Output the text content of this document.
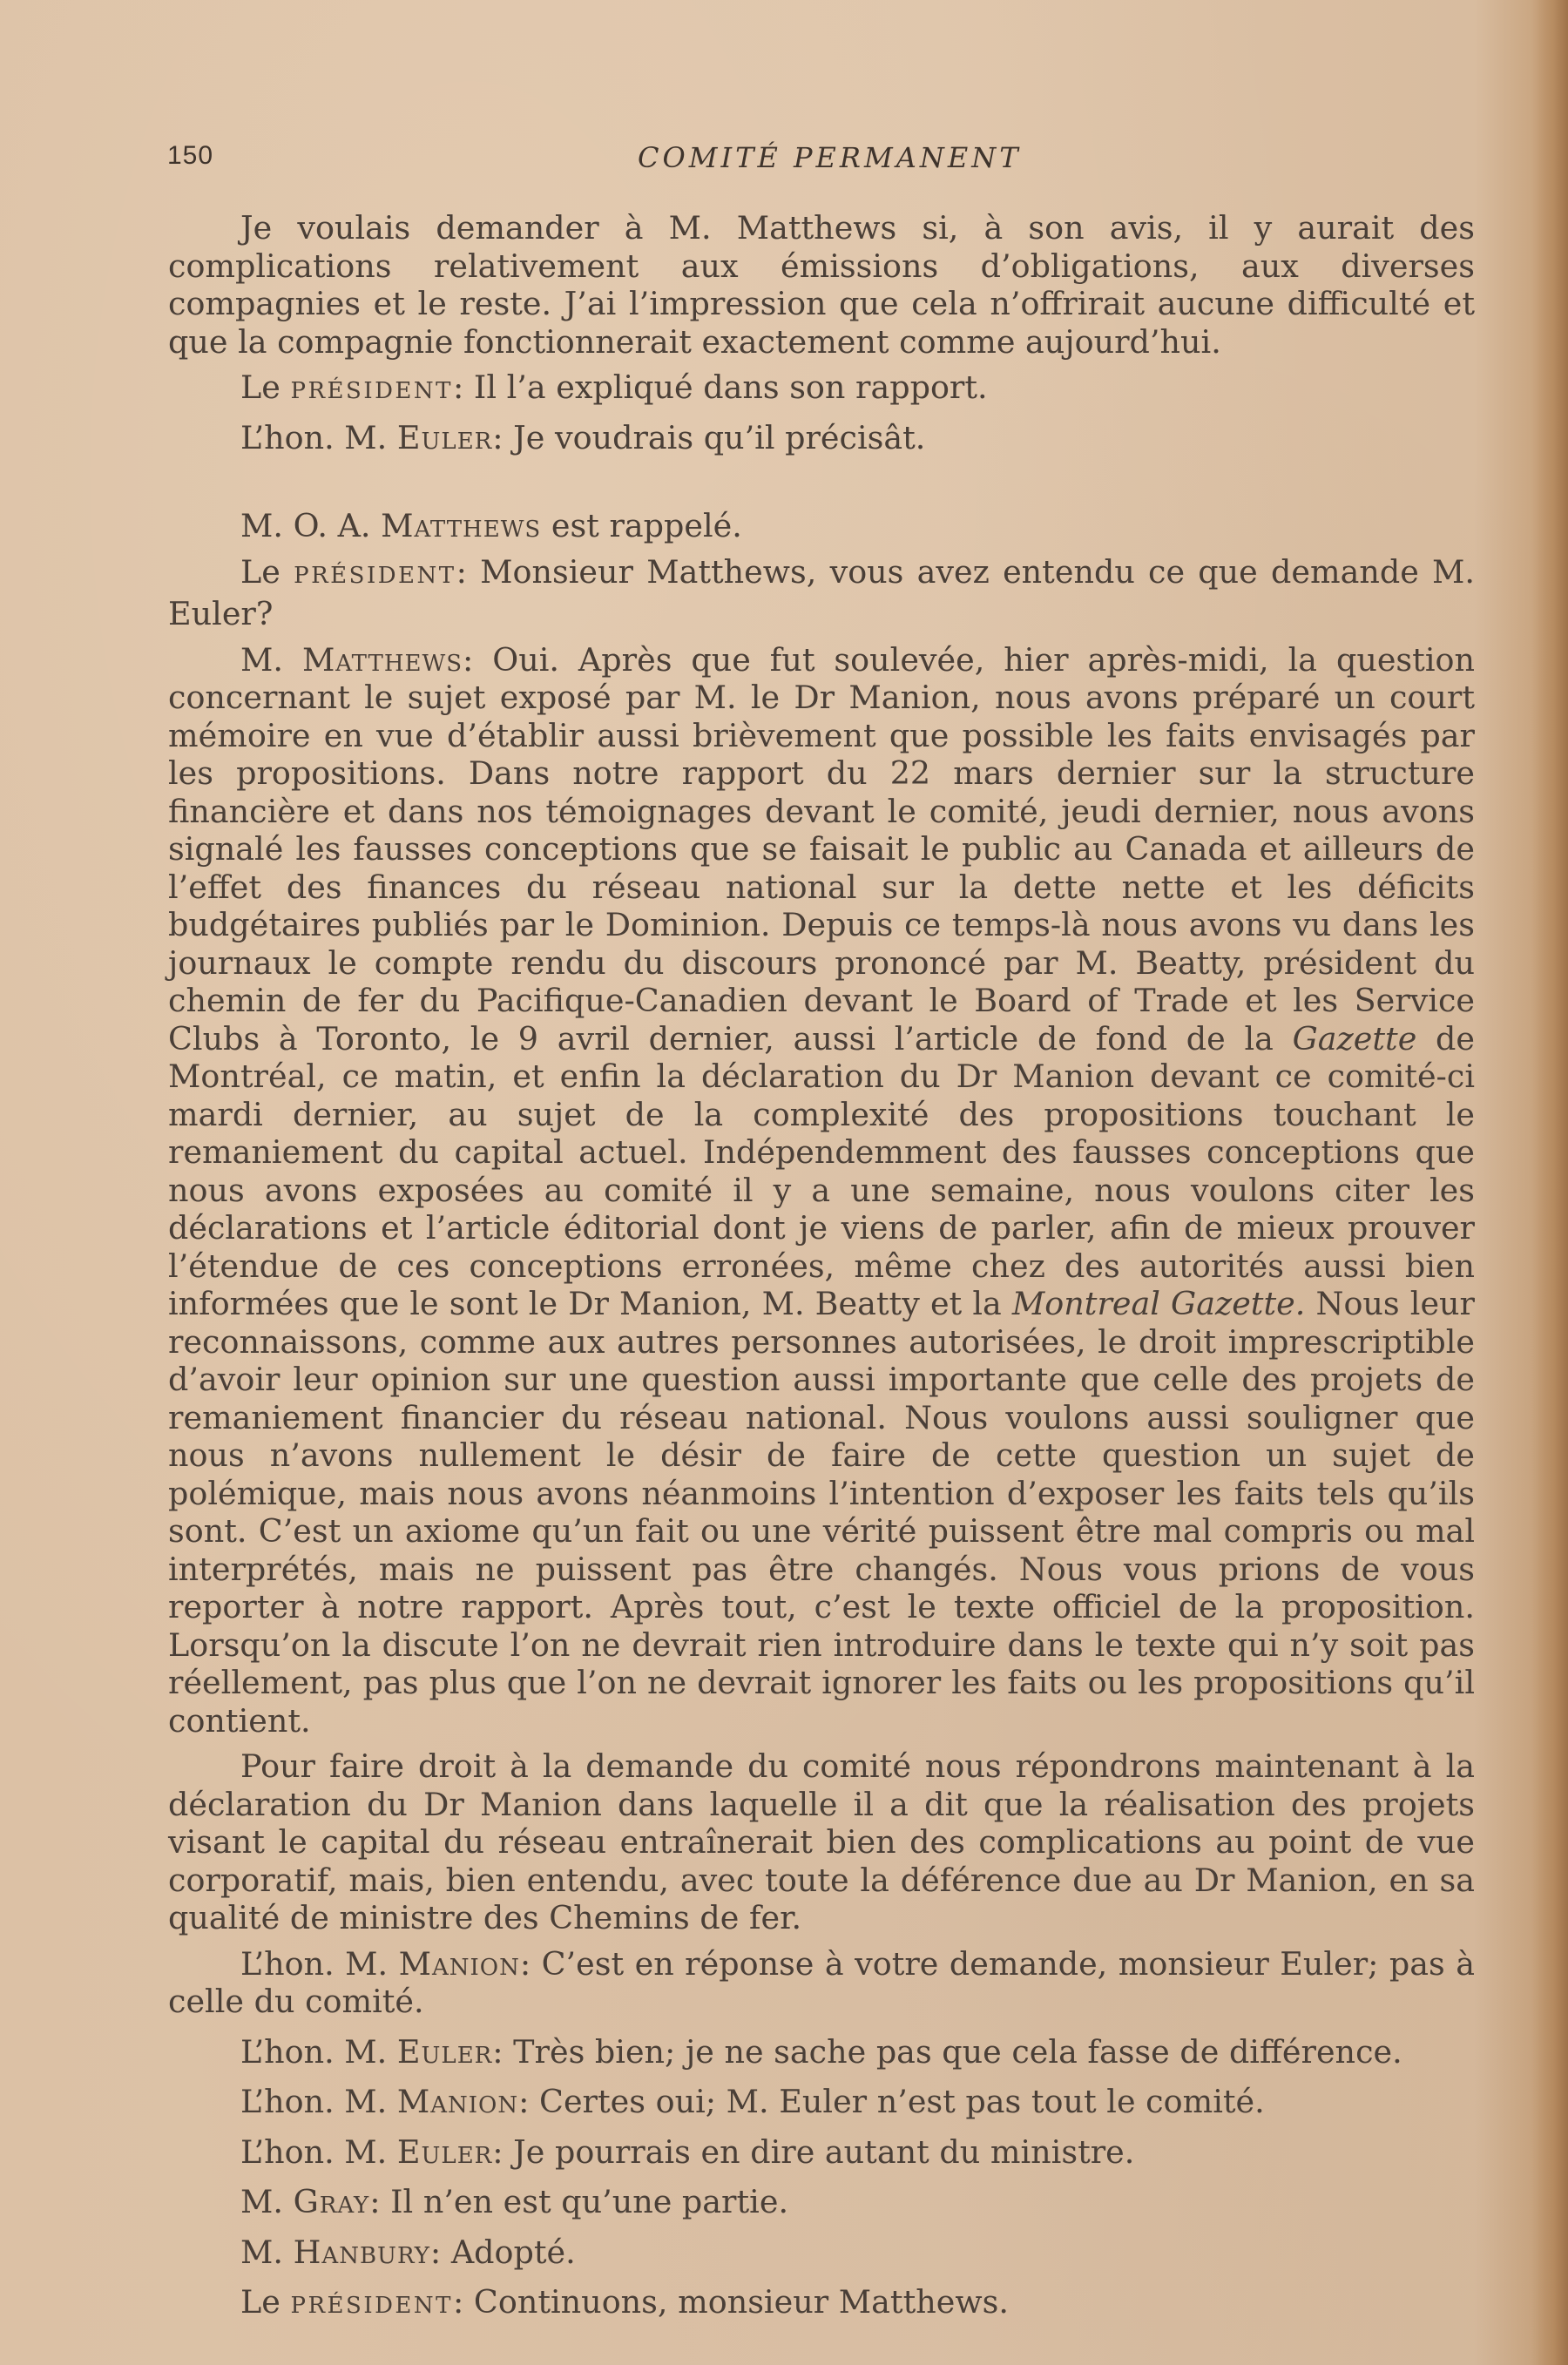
150	COMITÉ PERMANENT

Je voulais demander à M. Matthews si, à son avis, il y aurait des complications relativement aux émissions d’obligations, aux diverses compagnies et le reste. J’ai l’impression que cela n’offrirait aucune difficulté et que la compagnie fonctionnerait exactement comme aujourd’hui.

Le PRÉSIDENT: Il l’a expliqué dans son rapport.

L’hon. M. Euler: Je voudrais qu’il précisât.

M. O. A. Matthews est rappelé.

Le PRÉSIDENT: Monsieur Matthews, vous avez entendu ce que demande M. Euler?

M. Matthews: Oui. Après que fut soulevée, hier après-midi, la question concernant le sujet exposé par M. le Dr Manion, nous avons préparé un court mémoire en vue d’établir aussi brièvement que possible les faits envisagés par les propositions. Dans notre rapport du 22 mars dernier sur la structure financière et dans nos témoignages devant le comité, jeudi dernier, nous avons signalé les fausses conceptions que se faisait le public au Canada et ailleurs de l’effet des finances du réseau national sur la dette nette et les déficits budgétaires publiés par le Dominion. Depuis ce temps-là nous avons vu dans les journaux le compte rendu du discours prononcé par M. Beatty, président du chemin de fer du Pacifique-Canadien devant le Board of Trade et les Service Clubs à Toronto, le 9 avril dernier, aussi l’article de fond de la Gazette de Montréal, ce matin, et enfin la déclaration du Dr Manion devant ce comité-ci mardi dernier, au sujet de la complexité des propositions touchant le remaniement du capital actuel. Indépendemment des fausses conceptions que nous avons exposées au comité il y a une semaine, nous voulons citer les déclarations et l’article éditorial dont je viens de parler, afin de mieux prouver l’étendue de ces conceptions erronées, même chez des autorités aussi bien informées que le sont le Dr Manion, M. Beatty et la Montreal Gazette. Nous leur reconnaissons, comme aux autres personnes autorisées, le droit imprescriptible d’avoir leur opinion sur une question aussi importante que celle des projets de remaniement financier du réseau national. Nous voulons aussi souligner que nous n’avons nullement le désir de faire de cette question un sujet de polémique, mais nous avons néanmoins l’intention d’exposer les faits tels qu’ils sont. C’est un axiome qu’un fait ou une vérité puissent être mal compris ou mal interprétés, mais ne puissent pas être changés. Nous vous prions de vous reporter à notre rapport. Après tout, c’est le texte officiel de la proposition. Lorsqu’on la discute l’on ne devrait rien introduire dans le texte qui n’y soit pas réellement, pas plus que l’on ne devrait ignorer les faits ou les propositions qu’il contient.

Pour faire droit à la demande du comité nous répondrons maintenant à la déclaration du Dr Manion dans laquelle il a dit que la réalisation des projets visant le capital du réseau entraînerait bien des complications au point de vue corporatif, mais, bien entendu, avec toute la déférence due au Dr Manion, en sa qualité de ministre des Chemins de fer.

L’hon. M. Manion: C’est en réponse à votre demande, monsieur Euler; pas à celle du comité.

L’hon. M. Euler: Très bien; je ne sache pas que cela fasse de différence.

L’hon. M. Manion: Certes oui; M. Euler n’est pas tout le comité.

L’hon. M. Euler: Je pourrais en dire autant du ministre.

M. Gray: Il n’en est qu’une partie.

M. Hanbury: Adopté.

Le PRÉSIDENT: Continuons, monsieur Matthews.
